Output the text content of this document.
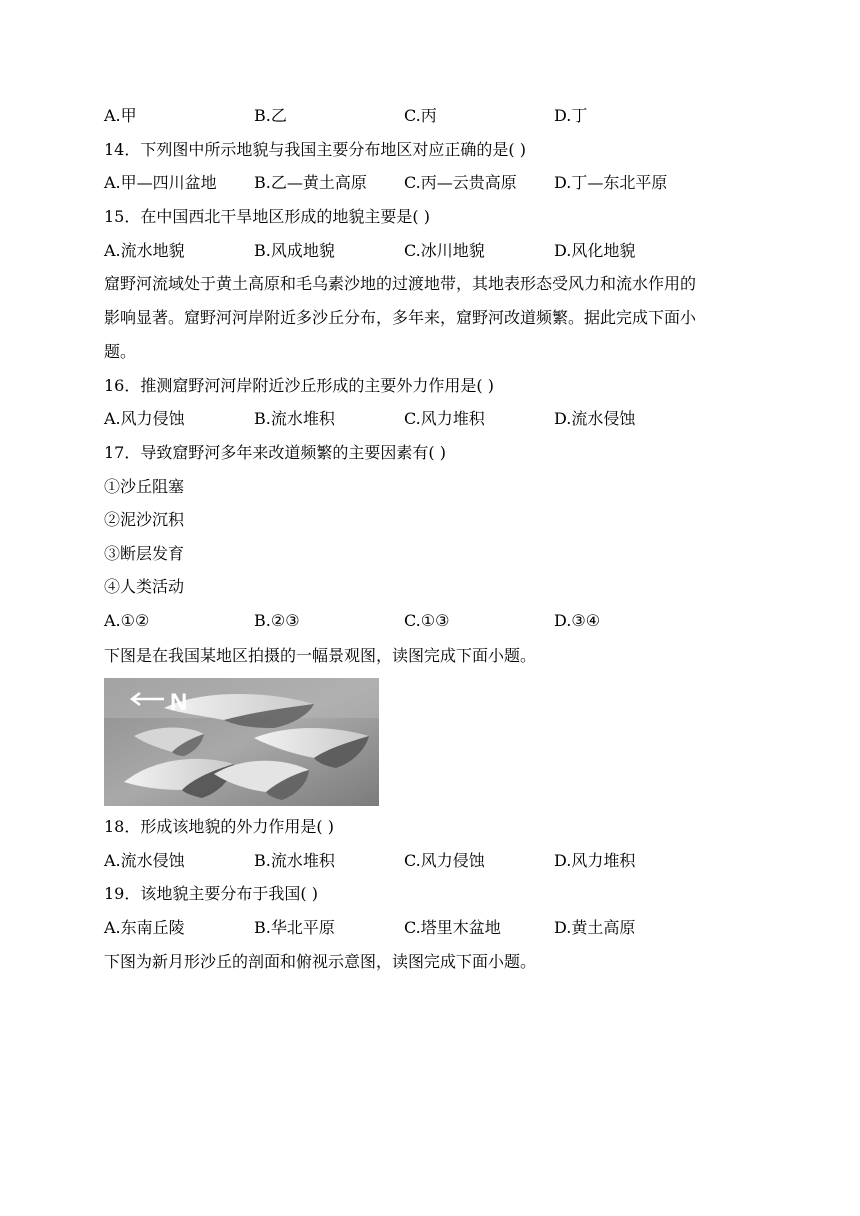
A.甲	B.乙	C.丙	D.丁
14．下列图中所示地貌与我国主要分布地区对应正确的是( )
A.甲—四川盆地 B.乙—黄土高原 C.丙—云贵高原 D.丁—东北平原
15．在中国西北干旱地区形成的地貌主要是( )
A.流水地貌	B.风成地貌	C.冰川地貌	D.风化地貌
窟野河流域处于黄土高原和毛乌素沙地的过渡地带，其地表形态受风力和流水作用的
影响显著。窟野河河岸附近多沙丘分布，多年来，窟野河改道频繁。据此完成下面小
题。
16．推测窟野河河岸附近沙丘形成的主要外力作用是( )
A.风力侵蚀	B.流水堆积	C.风力堆积	D.流水侵蚀
17．导致窟野河多年来改道频繁的主要因素有( )
①沙丘阻塞
②泥沙沉积
③断层发育
④人类活动
A.①②	B.②③	C.①③	D.③④
下图是在我国某地区拍摄的一幅景观图，读图完成下面小题。
N
18．形成该地貌的外力作用是( )
A.流水侵蚀	B.流水堆积	C.风力侵蚀	D.风力堆积
19．该地貌主要分布于我国( )
A.东南丘陵	B.华北平原	C.塔里木盆地	D.黄土高原
下图为新月形沙丘的剖面和俯视示意图，读图完成下面小题。
